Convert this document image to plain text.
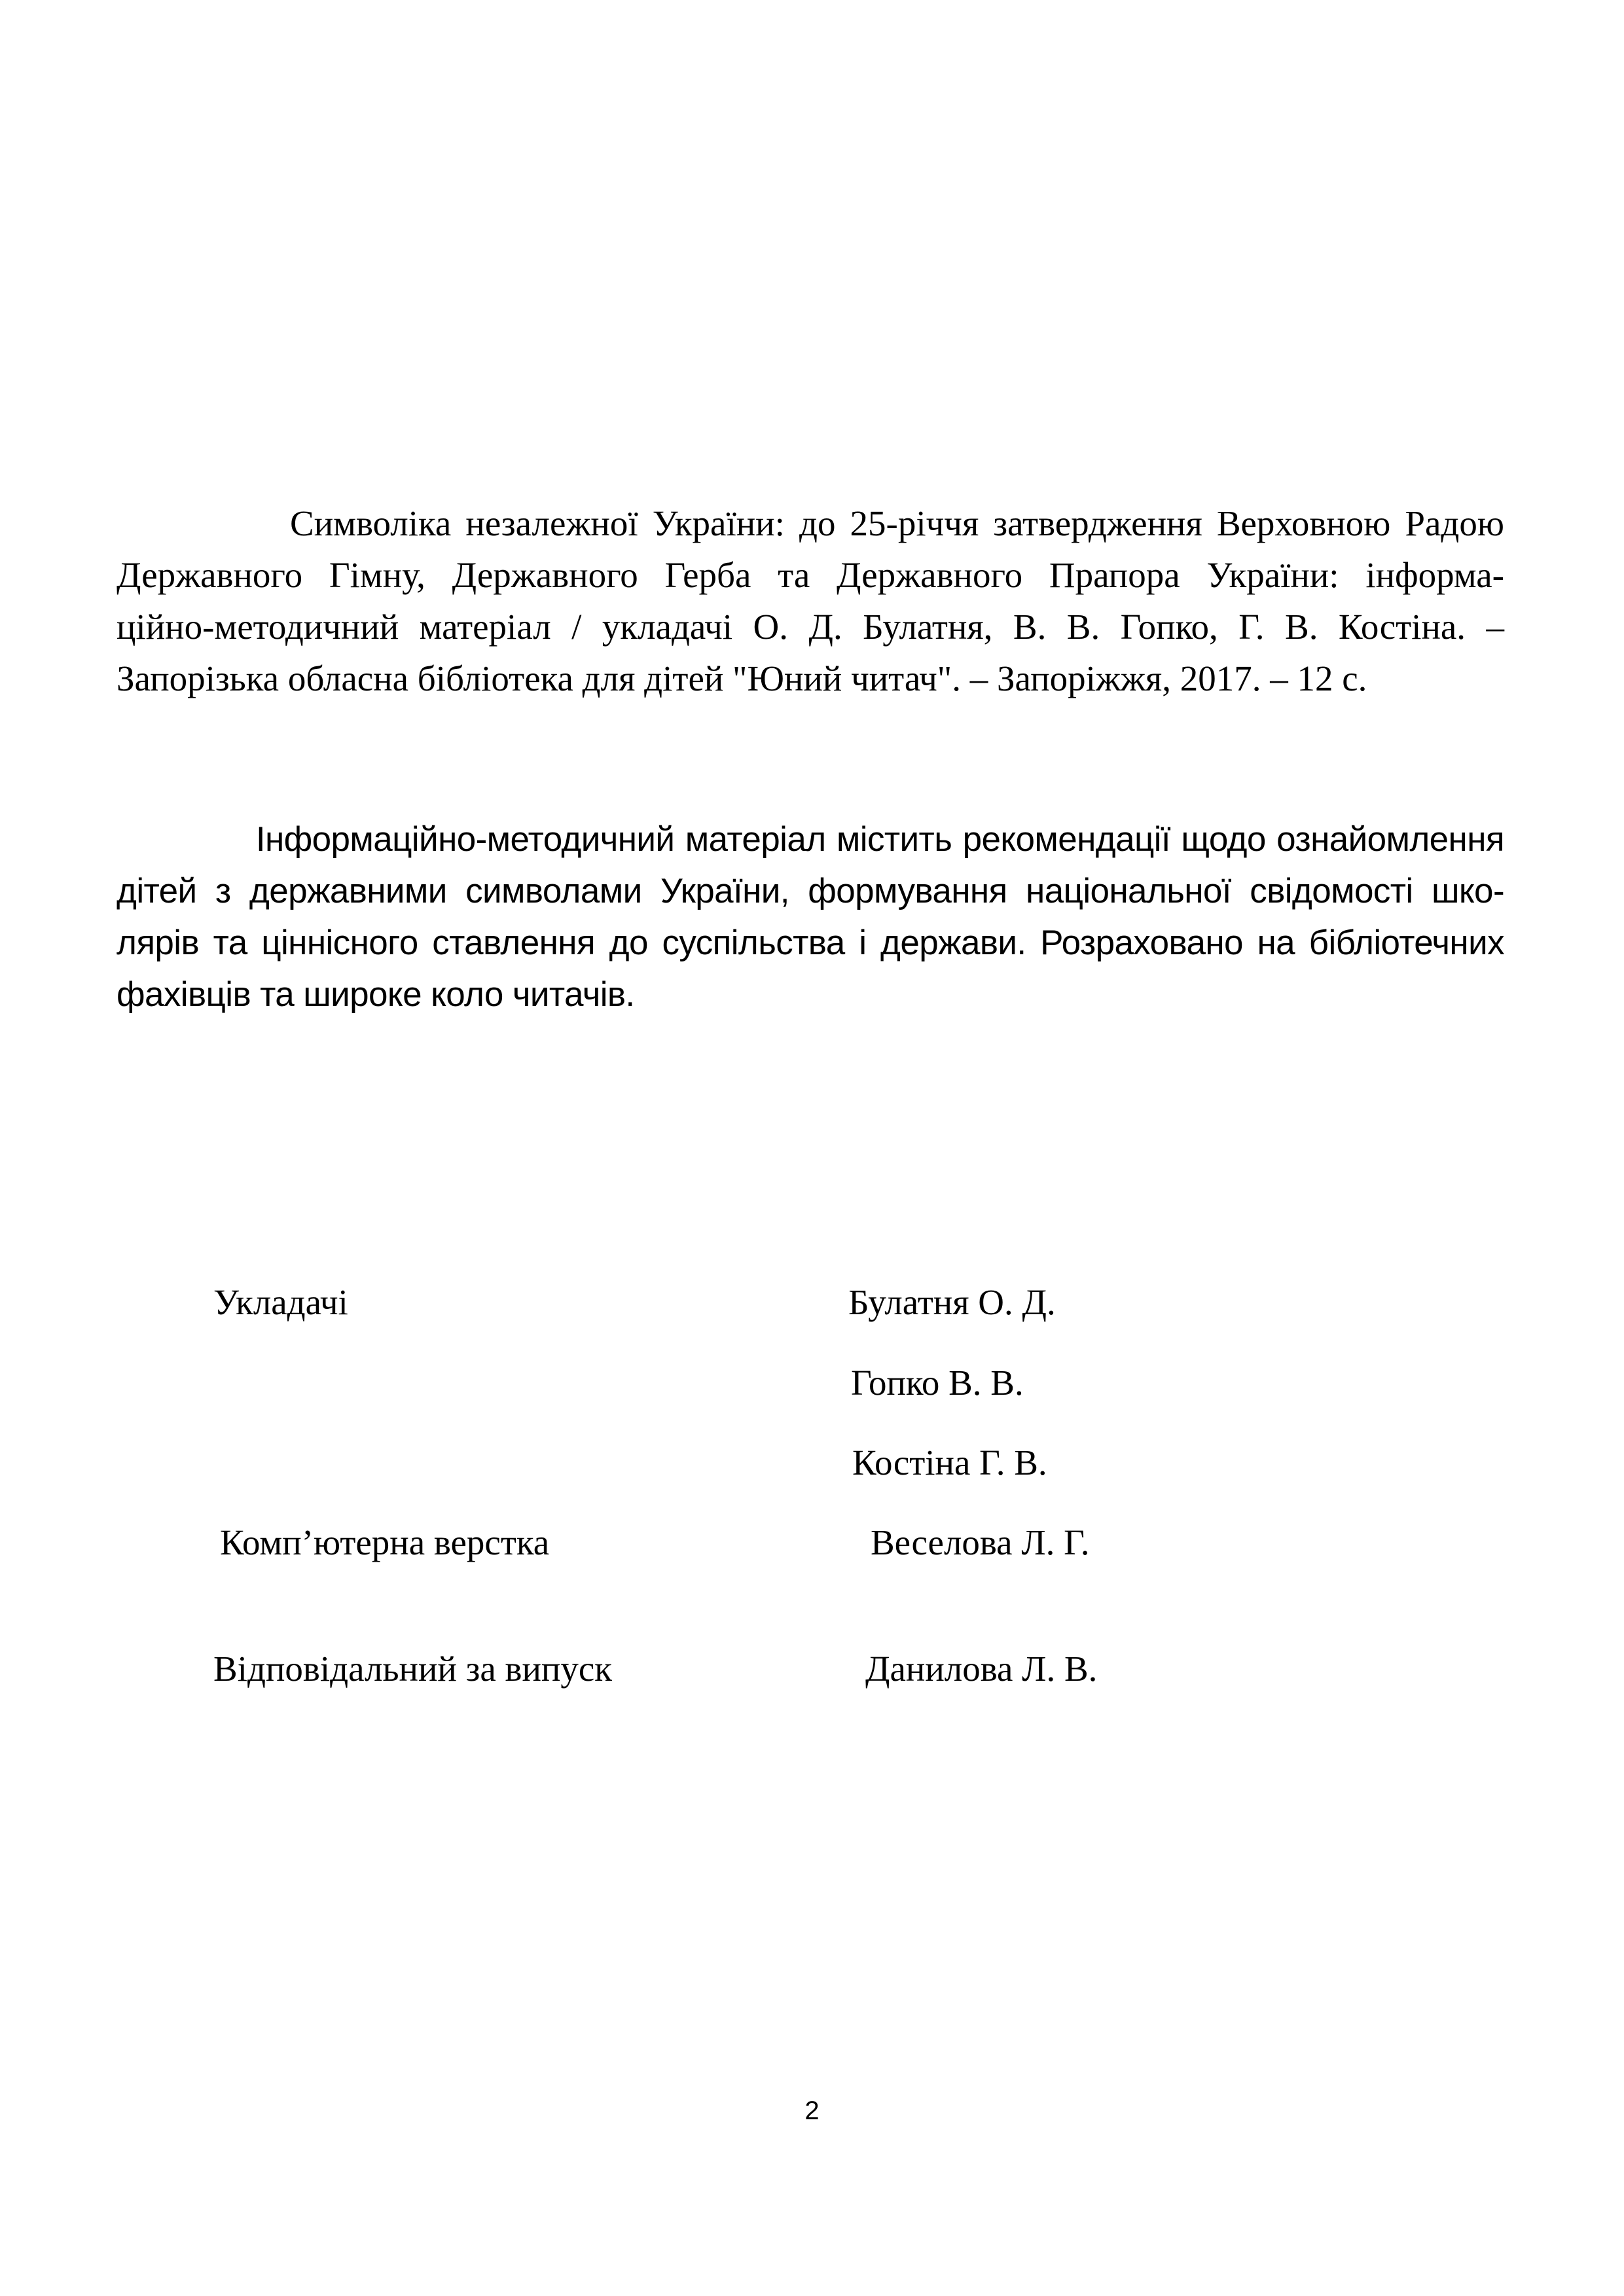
Символіка незалежної України: до 25-річчя затвердження Верховною Радою
Державного Гімну, Державного Герба та Державного Прапора України: інформа-
ційно-методичний матеріал / укладачі О. Д. Булатня, В. В. Гопко, Г. В. Костіна. –
Запорізька обласна бібліотека для дітей "Юний читач". – Запоріжжя, 2017. – 12 с.
Інформаційно-методичний матеріал містить рекомендації щодо ознайомлення
дітей з державними символами України, формування національної свідомості шко-
лярів та ціннісного ставлення до суспільства і держави. Розраховано на бібліотечних
фахівців та широке коло читачів.
Укладачі	Булатня О. Д.
Гопко В. В.
Костіна Г. В.
Комп’ютерна верстка	Веселова Л. Г.
Відповідальний за випуск	Данилова Л. В.
2
